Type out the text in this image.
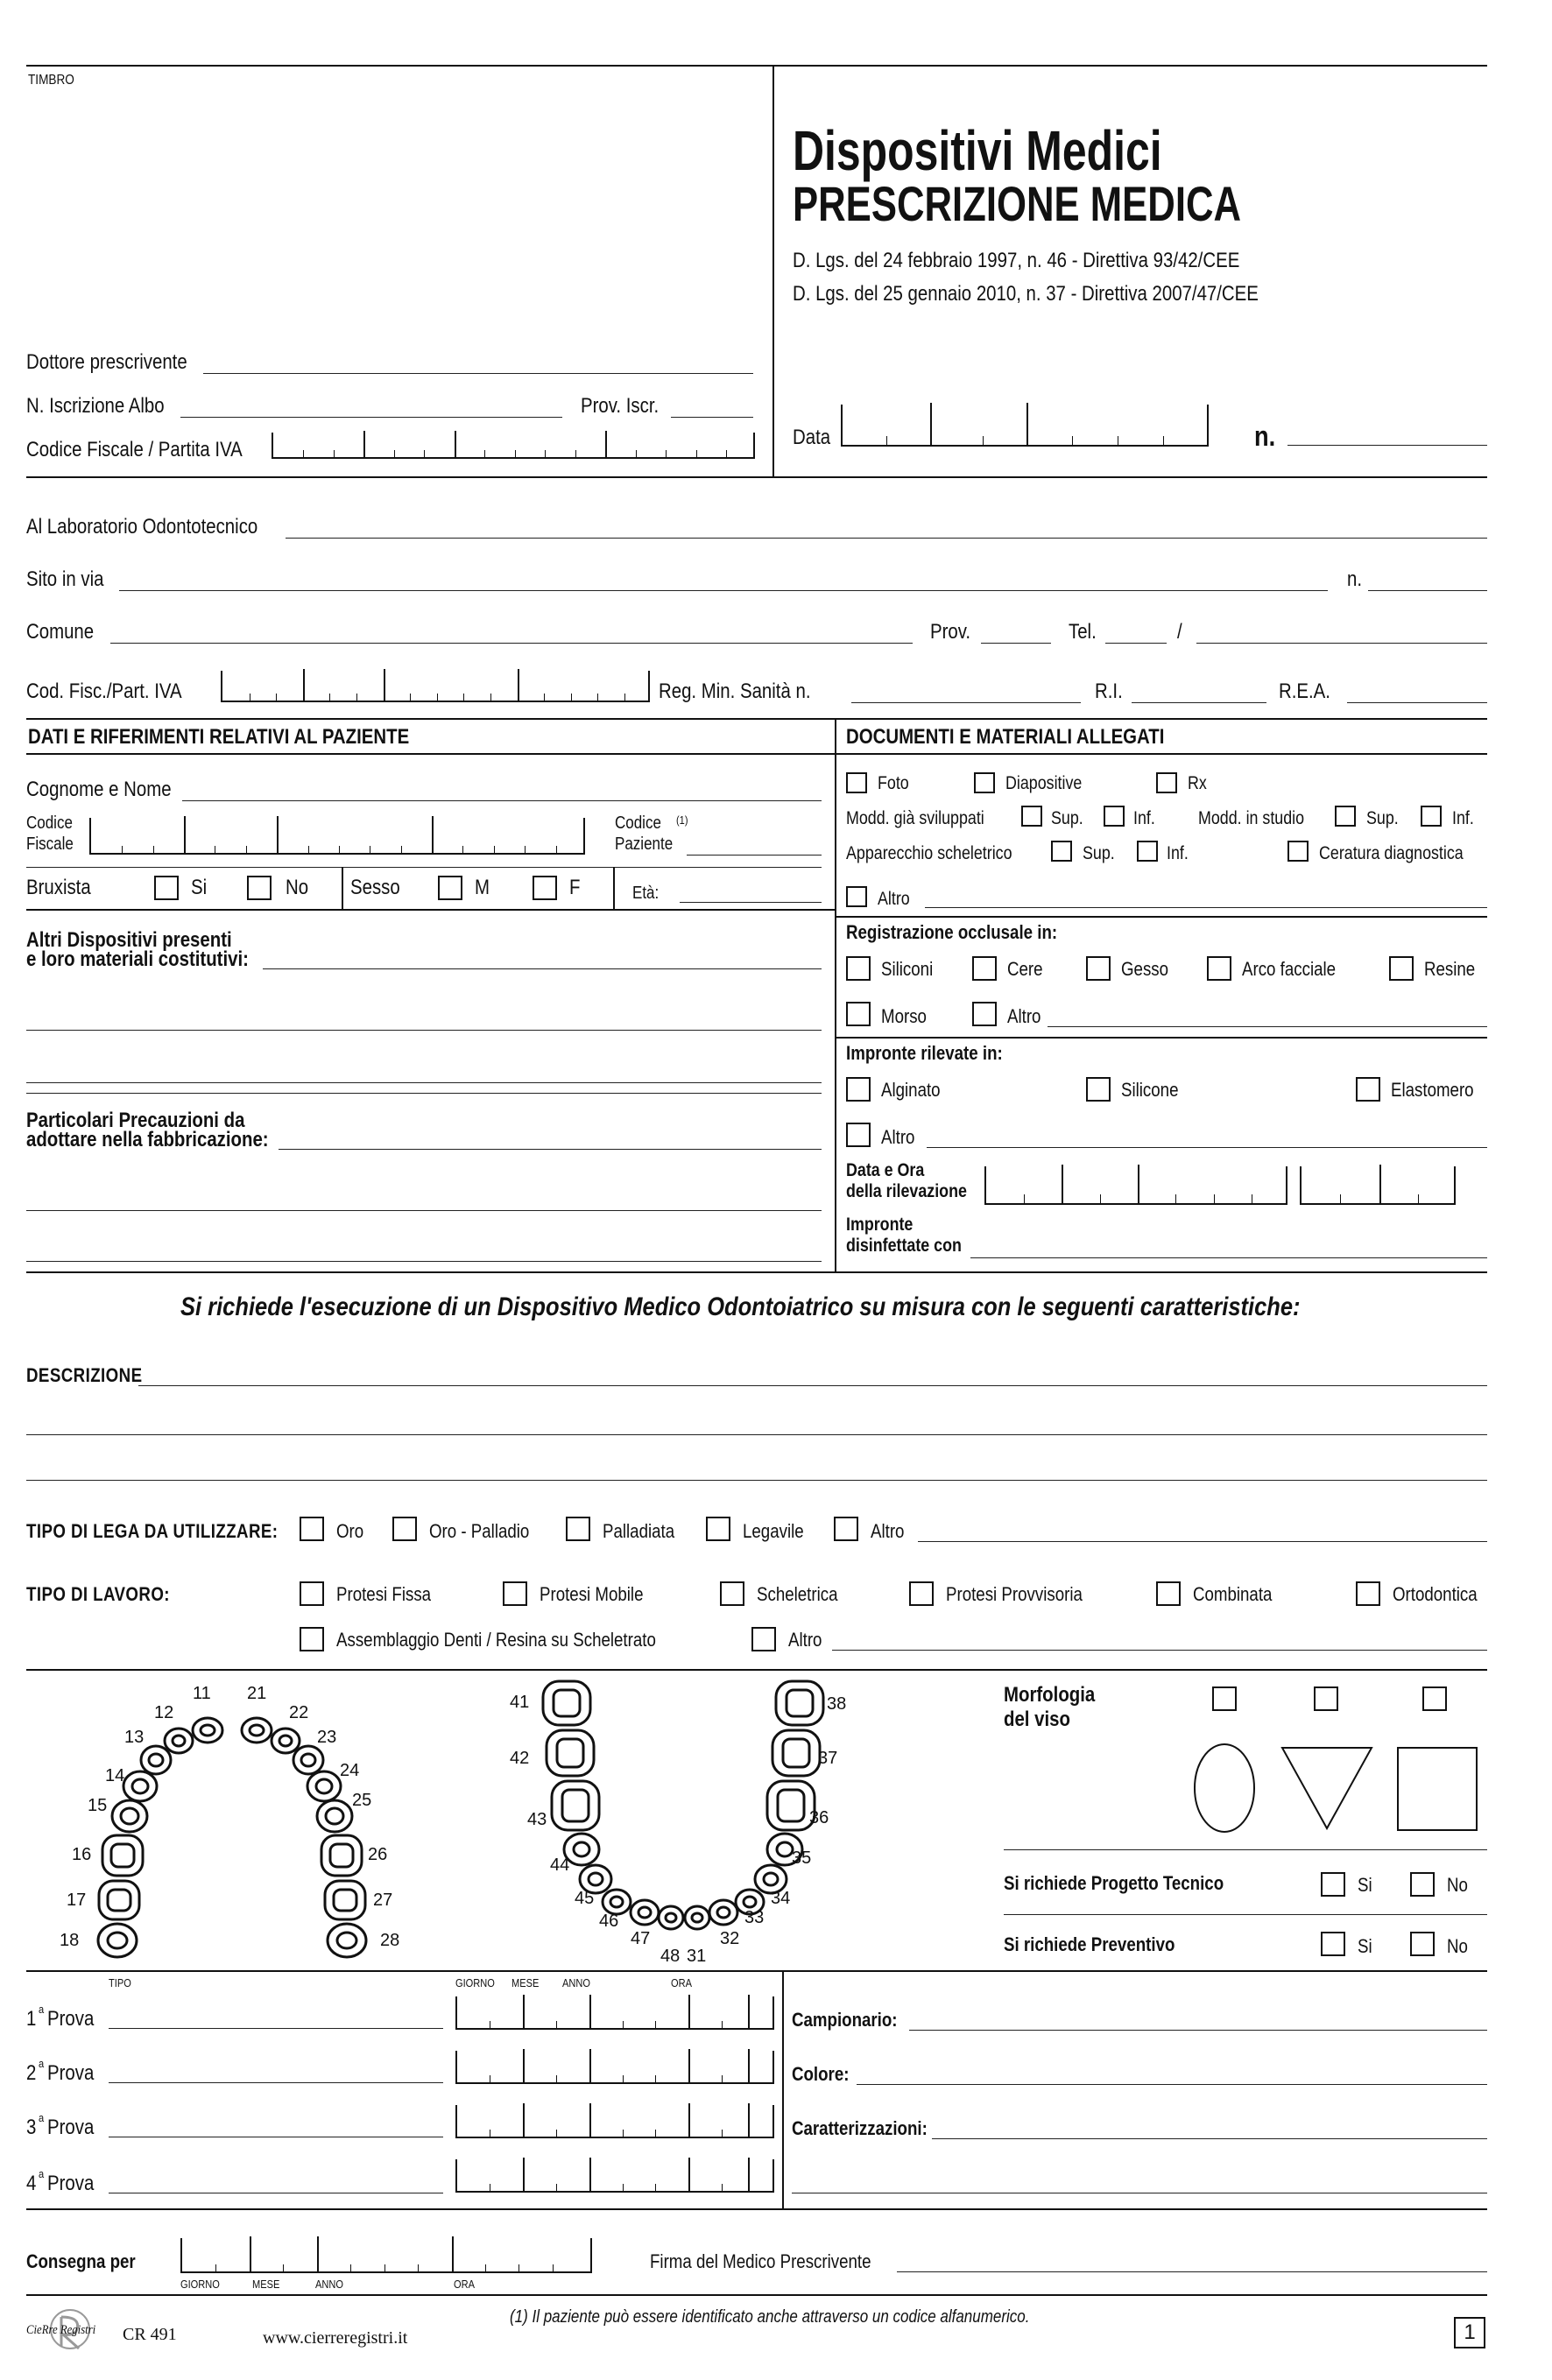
TIMBRO
Dispositivi Medici
PRESCRIZIONE MEDICA
D. Lgs. del 24 febbraio 1997, n. 46 - Direttiva 93/42/CEE
D. Lgs. del 25 gennaio 2010, n. 37 - Direttiva 2007/47/CEE
Dottore prescrivente
N. Iscrizione Albo	Prov. Iscr.
Codice Fiscale / Partita IVA
Data	n.
Al Laboratorio Odontotecnico
Sito in via	n.
Comune	Prov.	Tel.	/
Cod. Fisc./Part. IVA	Reg. Min. Sanità n.	R.I.	R.E.A.
DATI E RIFERIMENTI RELATIVI AL PAZIENTE	DOCUMENTI E MATERIALI ALLEGATI
Cognome e Nome
Codice
Fiscale
Codice (1)
Paziente
Bruxista	Si	No Sesso	M	F	Età:
Altri Dispositivi presenti
e loro materiali costitutivi:
Particolari Precauzioni da
adottare nella fabbricazione:
Foto	Diapositive	Rx
Modd. già sviluppati	Sup.	Inf. Modd. in studio	Sup.	Inf.
Apparecchio scheletrico	Sup.	Inf.	Ceratura diagnostica
Altro
Registrazione occlusale in:
Siliconi	Cere	Gesso	Arco facciale	Resine
Morso	Altro
Impronte rilevate in:
Alginato	Silicone	Elastomero
Altro
Data e Ora
della rilevazione
Impronte
disinfettate con
Si richiede l'esecuzione di un Dispositivo Medico Odontoiatrico su misura con le seguenti caratteristiche:
DESCRIZIONE
TIPO DI LEGA DA UTILIZZARE:	Oro	Oro - Palladio	Palladiata	Legavile	Altro
TIPO DI LAVORO:	Protesi Fissa	Protesi Mobile	Scheletrica	Protesi Provvisoria	Combinata	Ortodontica
Assemblaggio Denti / Resina su Scheletrato	Altro
11
12
13
14
15
16
17
18
21
22
23
24
25
26
27
28
41
42
43
44
45
46
47
48 31
32
33
34
35
36
37
38	Morfologia
del viso
Si richiede Progetto Tecnico	Si	No
Si richiede Preventivo	Si	No
TIPO	GIORNO MESE ANNO	ORA
1 a Prova
2 a Prova
3 a Prova
4 a Prova
Campionario:
Colore:
Caratterizzazioni:
Consegna per
GIORNO	MESE	ANNO	ORA
Firma del Medico Prescrivente
CieRre Registri CR 491	www.cierreregistri.it
(1) Il paziente può essere identificato anche attraverso un codice alfanumerico.
1
